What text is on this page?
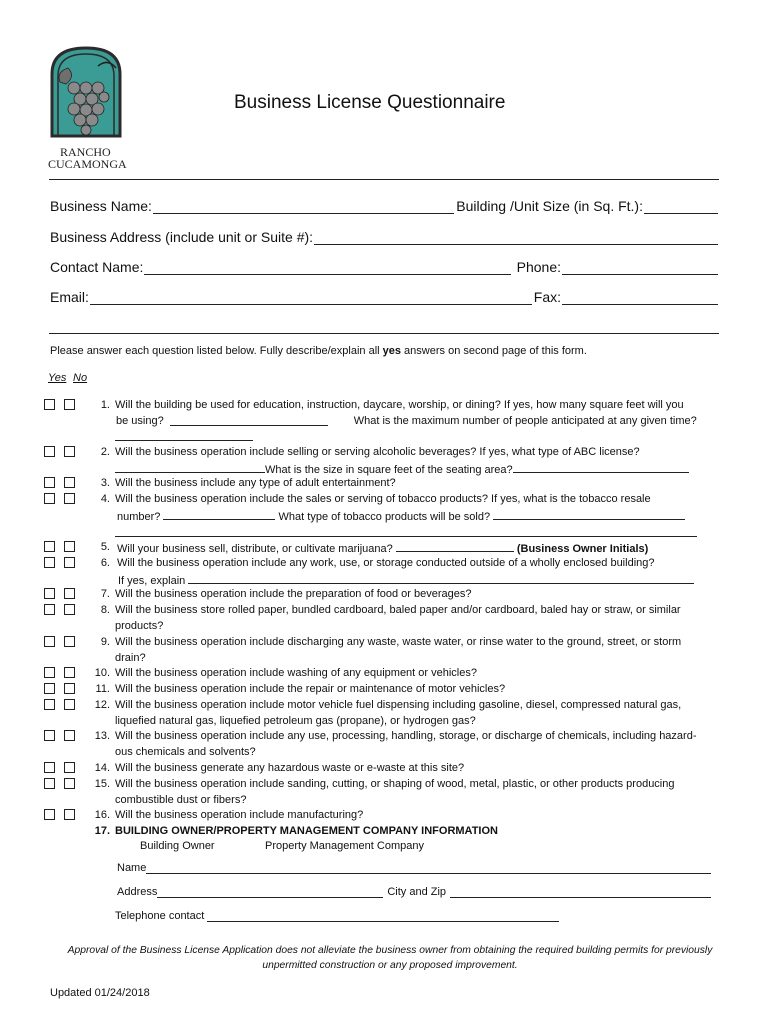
RANCHO
CUCAMONGA
Business License Questionnaire
Business Name:	Building /Unit Size (in Sq. Ft.):
Business Address (include unit or Suite #):
Contact Name:	Phone:
Email:	Fax:
Please answer each question listed below. Fully describe/explain all yes answers on second page of this form.
Yes No
1. Will the building be used for education, instruction, daycare, worship, or dining? If yes, how many square feet will you
be using?	What is the maximum number of people anticipated at any given time?
2. Will the business operation include selling or serving alcoholic beverages? If yes, what type of ABC license?
What is the size in square feet of the seating area?
3. Will the business include any type of adult entertainment?
4. Will the business operation include the sales or serving of tobacco products? If yes, what is the tobacco resale
number?	What type of tobacco products will be sold?
5. Will your business sell, distribute, or cultivate marijuana?	(Business Owner Initials)
6. Will the business operation include any work, use, or storage conducted outside of a wholly enclosed building?
If yes, explain
7. Will the business operation include the preparation of food or beverages?
8. Will the business store rolled paper, bundled cardboard, baled paper and/or cardboard, baled hay or straw, or similar
products?
9. Will the business operation include discharging any waste, waste water, or rinse water to the ground, street, or storm
drain?
10. Will the business operation include washing of any equipment or vehicles?
11. Will the business operation include the repair or maintenance of motor vehicles?
12. Will the business operation include motor vehicle fuel dispensing including gasoline, diesel, compressed natural gas,
liquefied natural gas, liquefied petroleum gas (propane), or hydrogen gas?
13. Will the business operation include any use, processing, handling, storage, or discharge of chemicals, including hazard-
ous chemicals and solvents?
14. Will the business generate any hazardous waste or e-waste at this site?
15. Will the business operation include sanding, cutting, or shaping of wood, metal, plastic, or other products producing
combustible dust or fibers?
16. Will the business operation include manufacturing?
17. BUILDING OWNER/PROPERTY MANAGEMENT COMPANY INFORMATION
Building Owner	Property Management Company
Name
Address	City and Zip
Telephone contact
Approval of the Business License Application does not alleviate the business owner from obtaining the required building permits for previously unpermitted construction or any proposed improvement.
Updated 01/24/2018
